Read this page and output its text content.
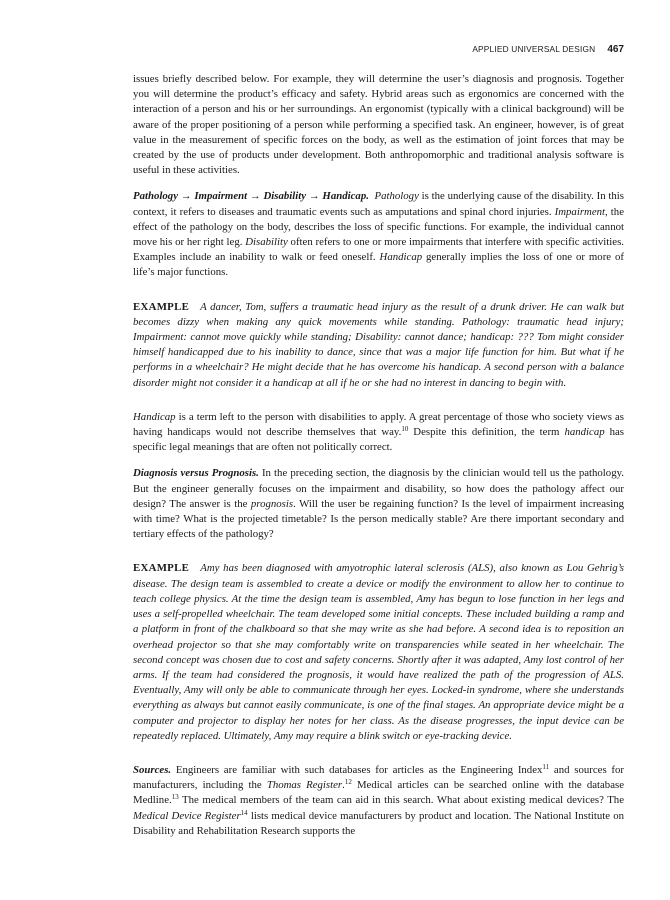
APPLIED UNIVERSAL DESIGN 467

issues briefly described below. For example, they will determine the user’s diagnosis and prognosis. Together you will determine the product’s efficacy and safety. Hybrid areas such as ergonomics are concerned with the interaction of a person and his or her surroundings. An ergonomist (typically with a clinical background) will be aware of the proper positioning of a person while performing a specified task. An engineer, however, is of great value in the measurement of specific forces on the body, as well as the estimation of joint forces that may be created by the use of products under development. Both anthropomorphic and traditional analysis software is useful in these activities.

Pathology → Impairment → Disability → Handicap. Pathology is the underlying cause of the disability. In this context, it refers to diseases and traumatic events such as amputations and spinal chord injuries. Impairment, the effect of the pathology on the body, describes the loss of specific functions. For example, the individual cannot move his or her right leg. Disability often refers to one or more impairments that interfere with specific activities. Examples include an inability to walk or feed oneself. Handicap generally implies the loss of one or more of life’s major functions.

EXAMPLE A dancer, Tom, suffers a traumatic head injury as the result of a drunk driver. He can walk but becomes dizzy when making any quick movements while standing. Pathology: traumatic head injury; Impairment: cannot move quickly while standing; Disability: cannot dance; handicap: ??? Tom might consider himself handicapped due to his inability to dance, since that was a major life function for him. But what if he performs in a wheelchair? He might decide that he has overcome his handicap. A second person with a balance disorder might not consider it a handicap at all if he or she had no interest in dancing to begin with.

Handicap is a term left to the person with disabilities to apply. A great percentage of those who society views as having handicaps would not describe themselves that way.$^{10}$ Despite this definition, the term handicap has specific legal meanings that are often not politically correct.

Diagnosis versus Prognosis. In the preceding section, the diagnosis by the clinician would tell us the pathology. But the engineer generally focuses on the impairment and disability, so how does the pathology affect our design? The answer is the prognosis. Will the user be regaining function? Is the level of impairment increasing with time? What is the projected timetable? Is the person medically stable? Are there important secondary and tertiary effects of the pathology?

EXAMPLE Amy has been diagnosed with amyotrophic lateral sclerosis (ALS), also known as Lou Gehrig’s disease. The design team is assembled to create a device or modify the environment to allow her to continue to teach college physics. At the time the design team is assembled, Amy has begun to lose function in her legs and uses a self-propelled wheelchair. The team developed some initial concepts. These included building a ramp and a platform in front of the chalkboard so that she may write as she had before. A second idea is to reposition an overhead projector so that she may comfortably write on transparencies while seated in her wheelchair. The second concept was chosen due to cost and safety concerns. Shortly after it was adapted, Amy lost control of her arms. If the team had considered the prognosis, it would have realized the path of the progression of ALS. Eventually, Amy will only be able to communicate through her eyes. Locked-in syndrome, where she understands everything as always but cannot easily communicate, is one of the final stages. An appropriate device might be a computer and projector to display her notes for her class. As the disease progresses, the input device can be repeatedly replaced. Ultimately, Amy may require a blink switch or eye-tracking device.

Sources. Engineers are familiar with such databases for articles as the Engineering Index$^{11}$ and sources for manufacturers, including the Thomas Register.$^{12}$ Medical articles can be searched online with the database Medline.$^{13}$ The medical members of the team can aid in this search. What about existing medical devices? The Medical Device Register$^{14}$ lists medical device manufacturers by product and location. The National Institute on Disability and Rehabilitation Research supports the
